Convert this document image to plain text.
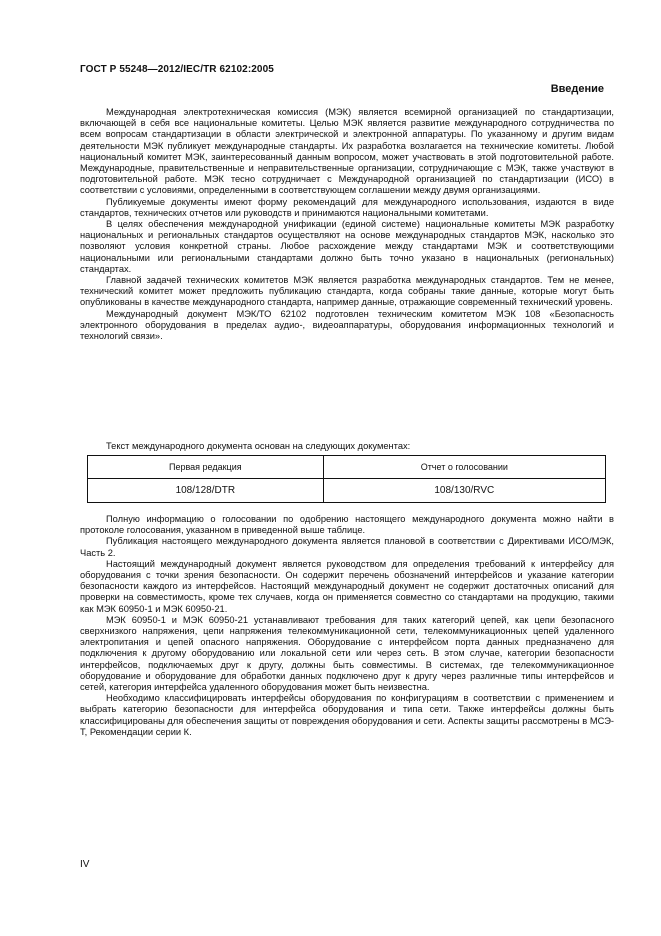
ГОСТ Р 55248—2012/IEC/TR 62102:2005
Введение

Международная электротехническая комиссия (МЭК) является всемирной организацией по стандартизации, включающей в себя все национальные комитеты. Целью МЭК является развитие международного сотрудничества по всем вопросам стандартизации в области электрической и электронной аппаратуры. По указанному и другим видам деятельности МЭК публикует международные стандарты. Их разработка возлагается на технические комитеты. Любой национальный комитет МЭК, заинтересованный данным вопросом, может участвовать в этой подготовительной работе. Международные, правительственные и неправительственные организации, сотрудничающие с МЭК, также участвуют в подготовительной работе. МЭК тесно сотрудничает с Международной организацией по стандартизации (ИСО) в соответствии с условиями, определенными в соответствующем соглашении между двумя организациями.

Публикуемые документы имеют форму рекомендаций для международного использования, издаются в виде стандартов, технических отчетов или руководств и принимаются национальными комитетами.

В целях обеспечения международной унификации (единой системе) национальные комитеты МЭК разработку национальных и региональных стандартов осуществляют на основе международных стандартов МЭК, насколько это позволяют условия конкретной страны. Любое расхождение между стандартами МЭК и соответствующими национальными или региональными стандартами должно быть точно указано в национальных (региональных) стандартах.

Главной задачей технических комитетов МЭК является разработка международных стандартов. Тем не менее, технический комитет может предложить публикацию стандарта, когда собраны такие данные, которые могут быть опубликованы в качестве международного стандарта, например данные, отражающие современный технический уровень.

Международный документ МЭК/ТО 62102 подготовлен техническим комитетом МЭК 108 «Безопасность электронного оборудования в пределах аудио-, видеоаппаратуры, оборудования информационных технологий и технологий связи».

Текст международного документа основан на следующих документах:
Первая редакция	Отчет о голосовании
108/128/DTR	108/130/RVC

Полную информацию о голосовании по одобрению настоящего международного документа можно найти в протоколе голосования, указанном в приведенной выше таблице.

Публикация настоящего международного документа является плановой в соответствии с Директивами ИСО/МЭК, Часть 2.

Настоящий международный документ является руководством для определения требований к интерфейсу для оборудования с точки зрения безопасности. Он содержит перечень обозначений интерфейсов и указание категории безопасности каждого из интерфейсов. Настоящий международный документ не содержит достаточных описаний для проверки на совместимость, кроме тех случаев, когда он применяется совместно со стандартами на продукцию, такими как МЭК 60950-1 и МЭК 60950-21.

МЭК 60950-1 и МЭК 60950-21 устанавливают требования для таких категорий цепей, как цепи безопасного сверхнизкого напряжения, цепи напряжения телекоммуникационной сети, телекоммуникационных цепей удаленного электропитания и цепей опасного напряжения. Оборудование с интерфейсом порта данных предназначено для подключения к другому оборудованию или локальной сети или через сеть. В этом случае, категории безопасности интерфейсов, подключаемых друг к другу, должны быть совместимы. В системах, где телекоммуникационное оборудование и оборудование для обработки данных подключено друг к другу через различные типы интерфейсов и сетей, категория интерфейса удаленного оборудования может быть неизвестна.

Необходимо классифицировать интерфейсы оборудования по конфигурациям в соответствии с применением и выбрать категорию безопасности для интерфейса оборудования и типа сети. Также интерфейсы должны быть классифицированы для обеспечения защиты от повреждения оборудования и сети. Аспекты защиты рассмотрены в МСЭ-Т, Рекомендации серии К.

IV
